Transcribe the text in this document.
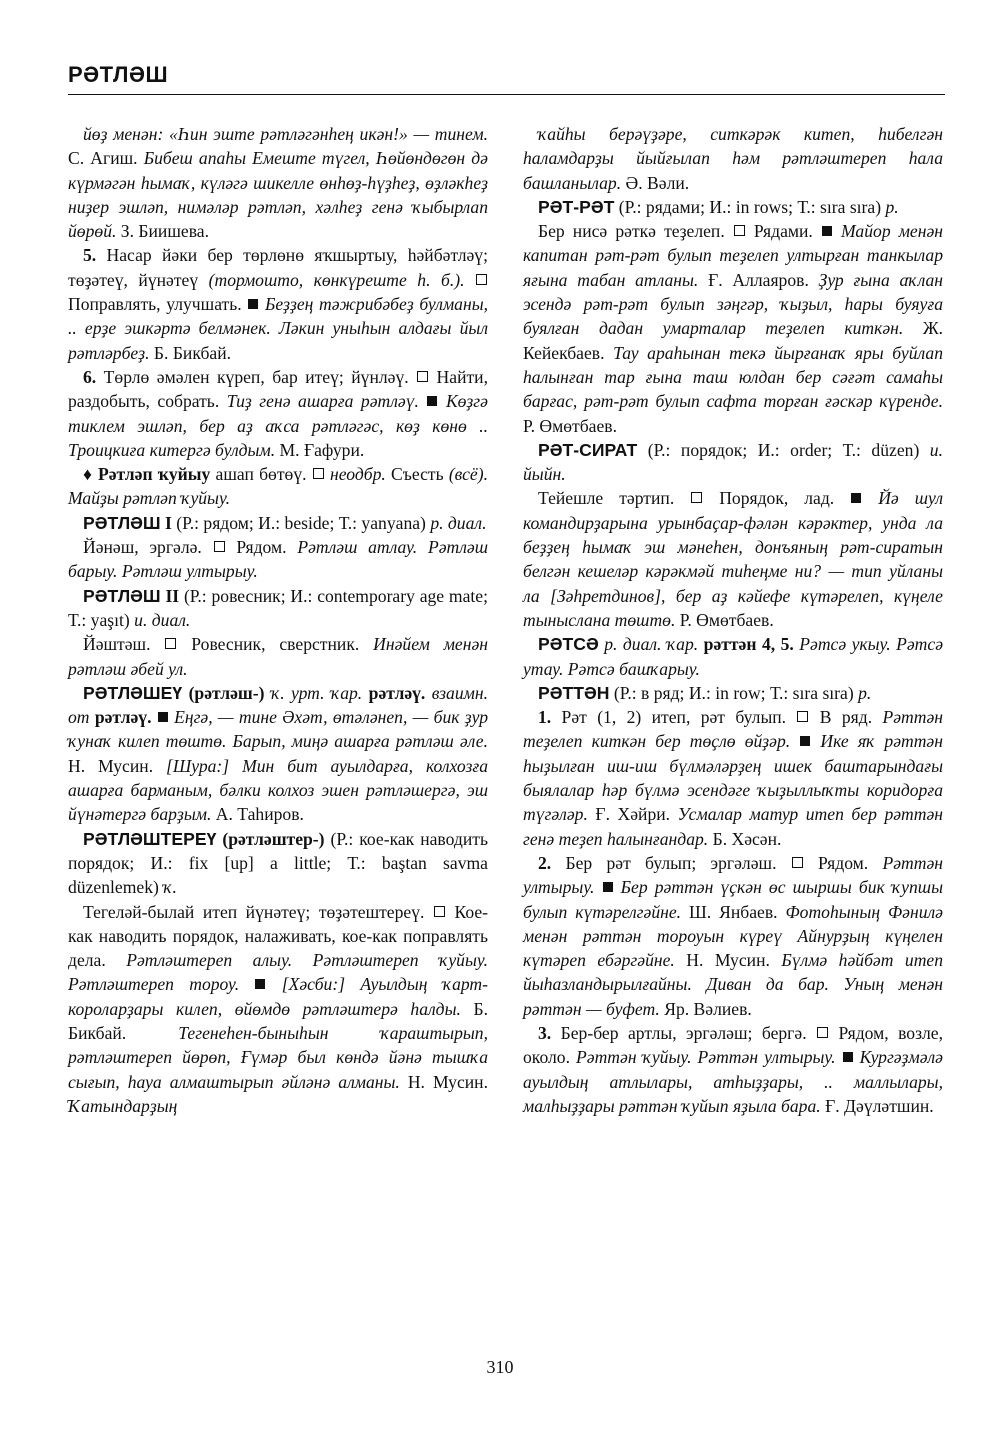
РӘТЛӘШ

йөҙ менән: «Һин эште рәтләгәнһең икән!» — тинем. С. Агиш. Бибеш апаһы Емеште түгел, Һөйөндөгөн дә күрмәгән һымаҡ, күләгә шикелле өнһөҙ-һүҙһеҙ, өҙләкһеҙ ниҙер эшләп, нимәләр рәтләп, хәлһеҙ генә ҡыбырлап йөрөй. З. Биишева.

5. Насар йәки бер төрлөнө яҡшыртыу, һәйбәтләү; төҙәтеү, йүнәтеү (тормошто, көнкүреште һ. б.).  Поправлять, улучшать.  Беҙҙең тәжрибәбеҙ булманы, .. ерҙе эшкәртә белмәнек. Ләкин уныһын алдағы йыл рәтләрбеҙ. Б. Бикбай.

6. Төрлө әмәлен күреп, бар итеү; йүнләү.  Найти, раздобыть, собрать. Тиҙ генә ашарға рәтләү. Көҙгә тиклем эшләп, бер аҙ аҡса рәтләгәс, көҙ көнө .. Троицкиға китергә булдым. М. Ғафури.

♦ Рәтләп ҡуйыу ашап бөтөү.  неодбр. Съесть (всё). Майҙы рәтләп ҡуйыу.

РӘТЛӘШ I (Р.: рядом; И.: beside; Т.: yanyana) р. диал.

Йәнәш, эргәлә.  Рядом. Рәтләш атлау. Рәтләш барыу. Рәтләш ултырыу.

РӘТЛӘШ II (Р.: ровесник; И.: contemporary age mate; Т.: yaşıt) и. диал.

Йәштәш.  Ровесник, сверстник. Инәйем менән рәтләш әбей ул.

РӘТЛӘШЕҮ (рәтләш-) ҡ. урт. ҡар. рәтләү. взаимн. от рәтләү. Еңгә, — тине Әхәт, өтәләнеп, — бик ҙур ҡунаҡ килеп төштө. Барып, миңә ашарға рәтләш әле. Н. Мусин. [Шура:] Мин бит ауылдарға, колхозға ашарға барманым, бәлки колхоз эшен рәтләшергә, эш йүнәтергә барҙым. А. Таһиров.

РӘТЛӘШТЕРЕҮ (рәтләштер-) (Р.: кое-как наводить порядок; И.: fix [up] a little; Т.: baştan savma düzenlemek) ҡ.

Тегеләй-былай итеп йүнәтеү; төҙәтештереү.  Кое-как наводить порядок, налаживать, кое-как поправлять дела. Рәтләштереп алыу. Рәтләштереп ҡуйыу. Рәтләштереп тороу. [Хәсби:] Ауылдың ҡарт-короларҙары килеп, өйөмдө рәтләштерә һалды. Б. Бикбай. Тегенеһен-быныһын ҡараштырып, рәтләштереп йөрөп, Ғүмәр был көндә йәнә тышҡа сығып, һауа алмаштырып әйләнә алманы. Н. Мусин. Ҡатындарҙың

ҡайһы берәүҙәре, ситкәрәк китеп, һибелгән һаламдарҙы йыйғылап һәм рәтләштереп һала башланылар. Ә. Вәли.

РӘТ-РӘТ (Р.: рядами; И.: in rows; Т.: sıra sıra) р.

Бер нисә рәткә теҙелеп.  Рядами.  Майор менән капитан рәт-рәт булып теҙелеп ултырған танкылар яғына табан атланы. Ғ. Аллаяров. Ҙур ғына аҡлан эсендә рәт-рәт булып зәңгәр, ҡыҙыл, һары буяуға буялған дадан умарталар теҙелеп киткән. Ж. Кейекбаев. Тау араһынан текә йырғанаҡ яры буйлап һалынған тар ғына таш юлдан бер сәғәт самаһы барғас, рәт-рәт булып сафта торған ғәскәр күренде. Р. Өмөтбаев.

РӘТ-СИРАТ (Р.: порядок; И.: order; Т.: düzen) и. йыйн.

Тейешле тәртип.  Порядок, лад.  Йә шул командирҙарына урынбаҫар-фәлән кәрәктер, унда ла беҙҙең һымаҡ эш мәнеһен, донъяның рәт-сиратын белгән кешеләр кәрәкмәй тиһеңме ни? — тип уйланы ла [Зәһретдинов], бер аҙ кәйефе күтәрелеп, күңеле тыныслана төштө. Р. Өмөтбаев.

РӘТСӘ р. диал. ҡар. рәттән 4, 5. Рәтсә укыу. Рәтсә утау. Рәтсә башҡарыу.

РӘТТӘН (Р.: в ряд; И.: in row; Т.: sıra sıra) р.

1. Рәт (1, 2) итеп, рәт булып.  В ряд. Рәттән теҙелеп киткән бер төҫлө өйҙәр. Ике яҡ рәттән һыҙылған иш-иш бүлмәләрҙең ишек баштарындағы быялалар һәр бүлмә эсендәге ҡыҙыллыҡты коридорға түгәләр. Ғ. Хәйри. Усмалар матур итеп бер рәттән генә теҙеп һалынғандар. Б. Хәсән.

2. Бер рәт булып; эргәләш.  Рядом. Рәттән ултырыу. Бер рәттән үҫкән өс шыршы бик ҡупшы булып күтәрелгәйне. Ш. Янбаев. Фотоһының Фәнилә менән рәттән тороуын күреү Айнурҙың күңелен күтәреп ебәргәйне. Н. Мусин. Бүлмә һәйбәт итеп йыһазландырылғайны. Диван да бар. Уның менән рәттән — буфет. Яр. Вәлиев.

3. Бер-бер артлы, эргәләш; бергә.  Рядом, возле, около. Рәттән ҡуйыу. Рәттән ултырыу. Кургәҙмәлә ауылдың атлылары, атһыҙҙары, .. маллылары, малһыҙҙары рәттән ҡуйып яҙыла бара. Ғ. Дәүләтшин.

310
